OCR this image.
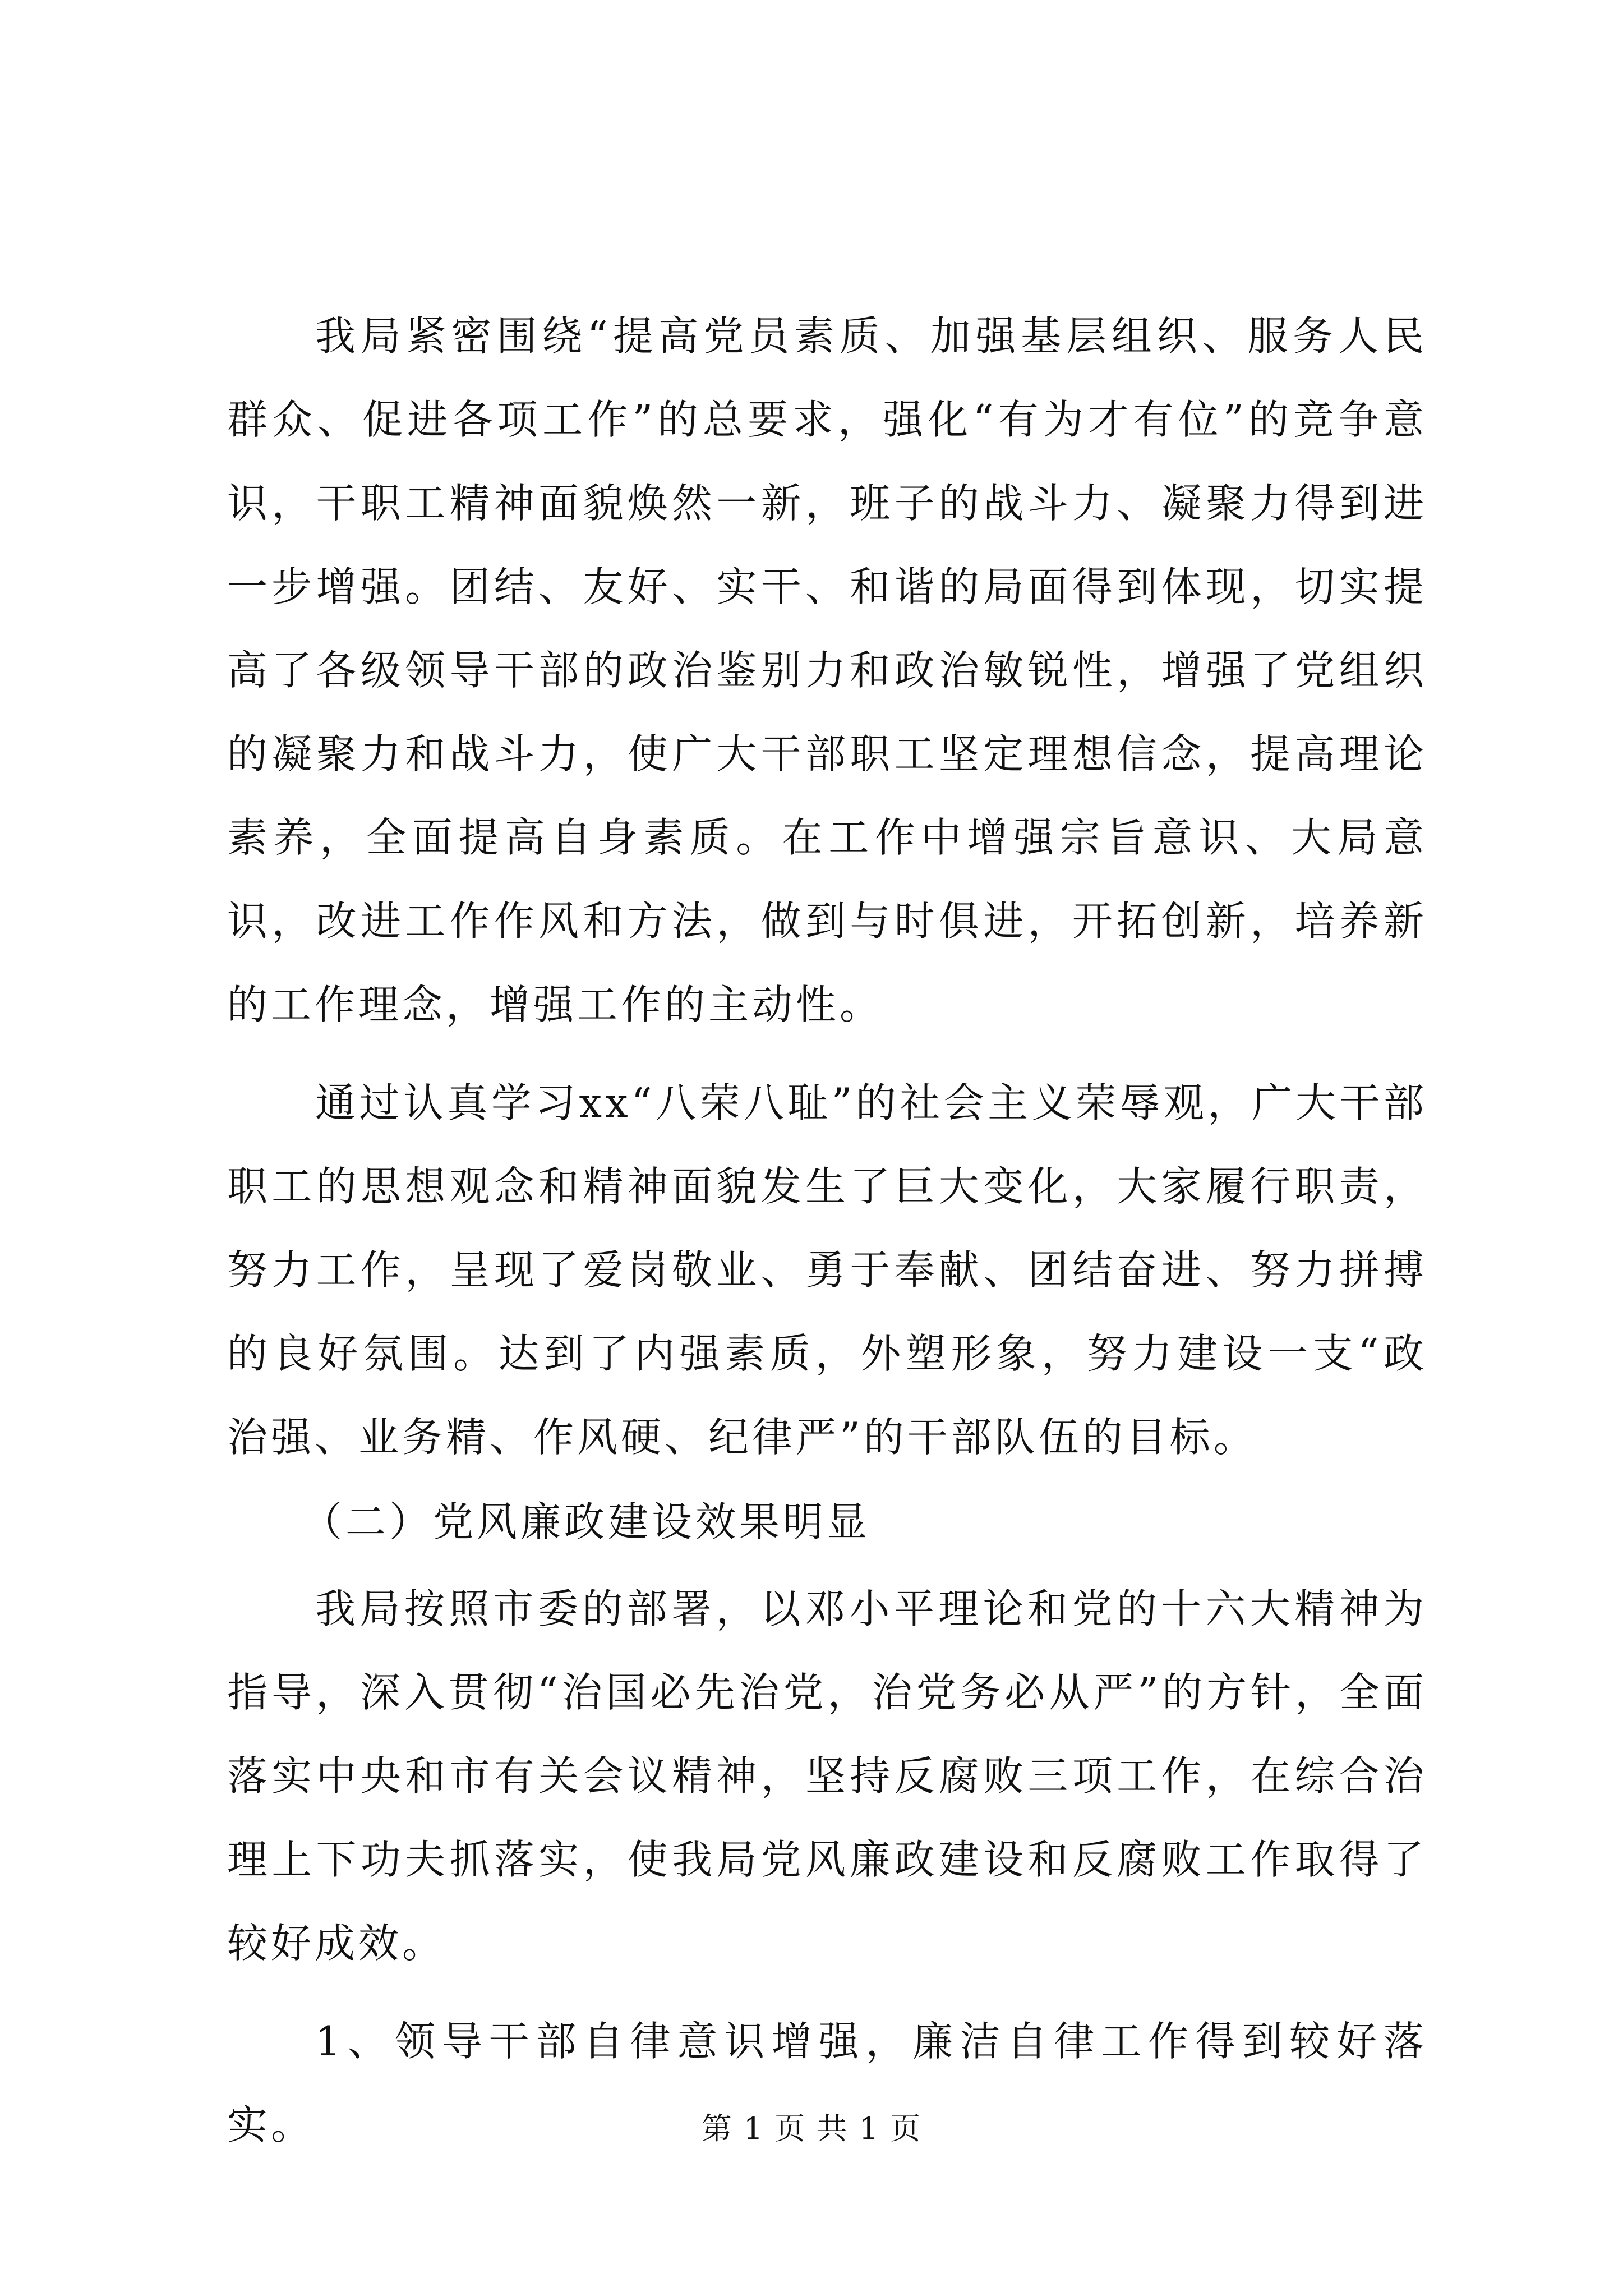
我局紧密围绕“提高党员素质、加强基层组织、服务人民群众、促进各项工作”的总要求，强化“有为才有位”的竞争意识，干职工精神面貌焕然一新，班子的战斗力、凝聚力得到进一步增强。团结、友好、实干、和谐的局面得到体现，切实提高了各级领导干部的政治鉴别力和政治敏锐性，增强了党组织的凝聚力和战斗力，使广大干部职工坚定理想信念，提高理论素养，全面提高自身素质。在工作中增强宗旨意识、大局意识，改进工作作风和方法，做到与时俱进，开拓创新，培养新的工作理念，增强工作的主动性。

通过认真学习xx“八荣八耻”的社会主义荣辱观，广大干部职工的思想观念和精神面貌发生了巨大变化，大家履行职责，努力工作，呈现了爱岗敬业、勇于奉献、团结奋进、努力拼搏的良好氛围。达到了内强素质，外塑形象，努力建设一支“政治强、业务精、作风硬、纪律严”的干部队伍的目标。

（二）党风廉政建设效果明显

我局按照市委的部署，以邓小平理论和党的十六大精神为指导，深入贯彻“治国必先治党，治党务必从严”的方针，全面落实中央和市有关会议精神，坚持反腐败三项工作，在综合治理上下功夫抓落实，使我局党风廉政建设和反腐败工作取得了较好成效。

1、领导干部自律意识增强，廉洁自律工作得到较好落实。	第 1 页 共 1 页
